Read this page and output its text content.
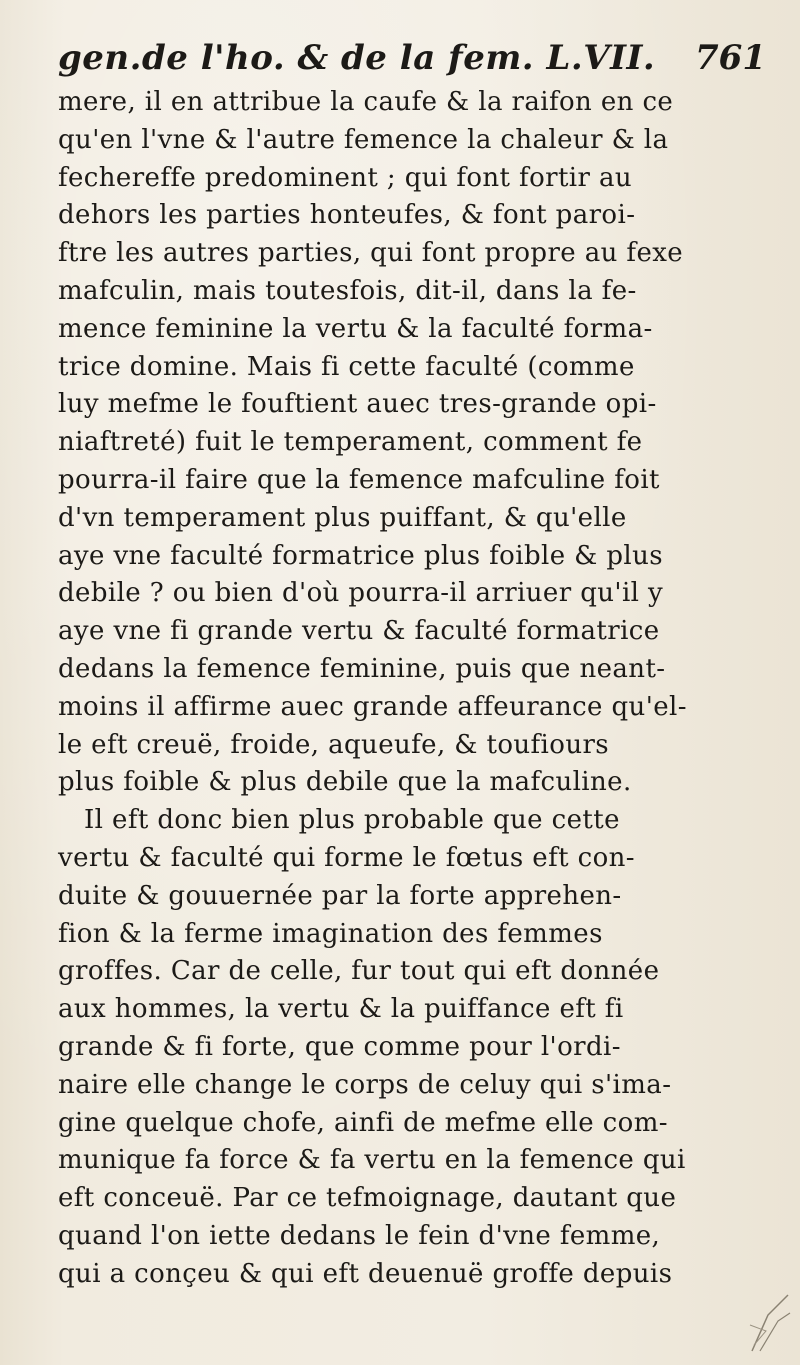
gen.de l'ho. & de la fem. L.VII. 761
mere, il en attribue la caufe & la raifon en ce
qu'en l'vne & l'autre femence la chaleur & la
fechereffe predominent ; qui font fortir au
dehors les parties honteufes, & font paroi-
ftre les autres parties, qui font propre au fexe
mafculin, mais toutesfois, dit-il, dans la fe-
mence feminine la vertu & la faculté forma-
trice domine. Mais fi cette faculté (comme
luy mefme le fouftient auec tres-grande opi-
niaftreté) fuit le temperament, comment fe
pourra-il faire que la femence mafculine foit
d'vn temperament plus puiffant, & qu'elle
aye vne faculté formatrice plus foible & plus
debile ? ou bien d'où pourra-il arriuer qu'il y
aye vne fi grande vertu & faculté formatrice
dedans la femence feminine, puis que neant-
moins il affirme auec grande affeurance qu'el-
le eft creuë, froide, aqueufe, & toufiours
plus foible & plus debile que la mafculine.
Il eft donc bien plus probable que cette
vertu & faculté qui forme le fœtus eft con-
duite & gouuernée par la forte apprehen-
fion & la ferme imagination des femmes
groffes. Car de celle, fur tout qui eft donnée
aux hommes, la vertu & la puiffance eft fi
grande & fi forte, que comme pour l'ordi-
naire elle change le corps de celuy qui s'ima-
gine quelque chofe, ainfi de mefme elle com-
munique fa force & fa vertu en la femence qui
eft conceuë. Par ce tefmoignage, dautant que
quand l'on iette dedans le fein d'vne femme,
qui a conçeu & qui eft deuenuë groffe depuis
